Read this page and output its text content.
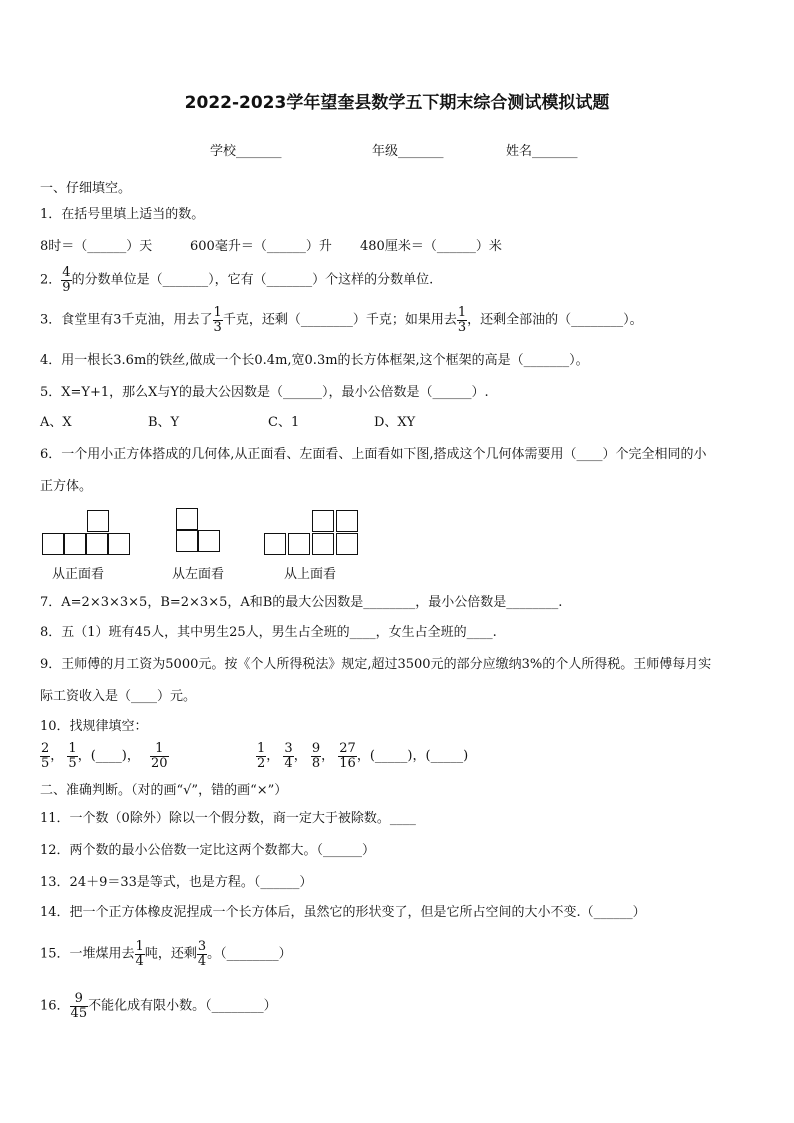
2022-2023学年望奎县数学五下期末综合测试模拟试题
学校_______	年级_______	姓名_______
一、仔细填空。
1．在括号里填上适当的数。
8时＝（______）天	600毫升＝（______）升 480厘米＝（______）米
2． $\frac{4}{9}$ 的分数单位是（_______），它有（_______）个这样的分数单位.
3．食堂里有3千克油，用去了 $\frac{1}{3}$ 千克，还剩（________）千克；如果用去 $\frac{1}{3}$ ，还剩全部油的（________）。
4．用一根长3.6m的铁丝,做成一个长0.4m,宽0.3m的长方体框架,这个框架的高是（_______）。
5．X=Y+1，那么X与Y的最大公因数是（______），最小公倍数是（______）.
A、X	B、Y	C、1	D、XY
6．一个用小正方体搭成的几何体,从正面看、左面看、上面看如下图,搭成这个几何体需要用（____）个完全相同的小
正方体。
从正面看	从左面看	从上面看
7．A=2×3×3×5，B=2×3×5，A和B的最大公因数是________，最小公倍数是________.
8．五（1）班有45人，其中男生25人，男生占全班的____，女生占全班的____.
9．王师傅的月工资为5000元。按《个人所得税法》规定,超过3500元的部分应缴纳3%的个人所得税。王师傅每月实
际工资收入是（____）元。
10．找规律填空：
$\frac{2}{5}$ ， $\frac{1}{5}$ ，(____)， $\frac{1}{20}$	$\frac{1}{2}$ ， $\frac{3}{4}$ ， $\frac{9}{8}$ ， $\frac{27}{16}$ ，(_____)，(_____)
二、准确判断。（对的画“√”，错的画“×”）
11．一个数（0除外）除以一个假分数，商一定大于被除数。____
12．两个数的最小公倍数一定比这两个数都大。（______）
13．24＋9＝33是等式，也是方程。（______）
14．把一个正方体橡皮泥捏成一个长方体后，虽然它的形状变了，但是它所占空间的大小不变.（______）
15．一堆煤用去 $\frac{1}{4}$ 吨，还剩 $\frac{3}{4}$ 。（________）
16． $\frac{9}{45}$ 不能化成有限小数。（________）
